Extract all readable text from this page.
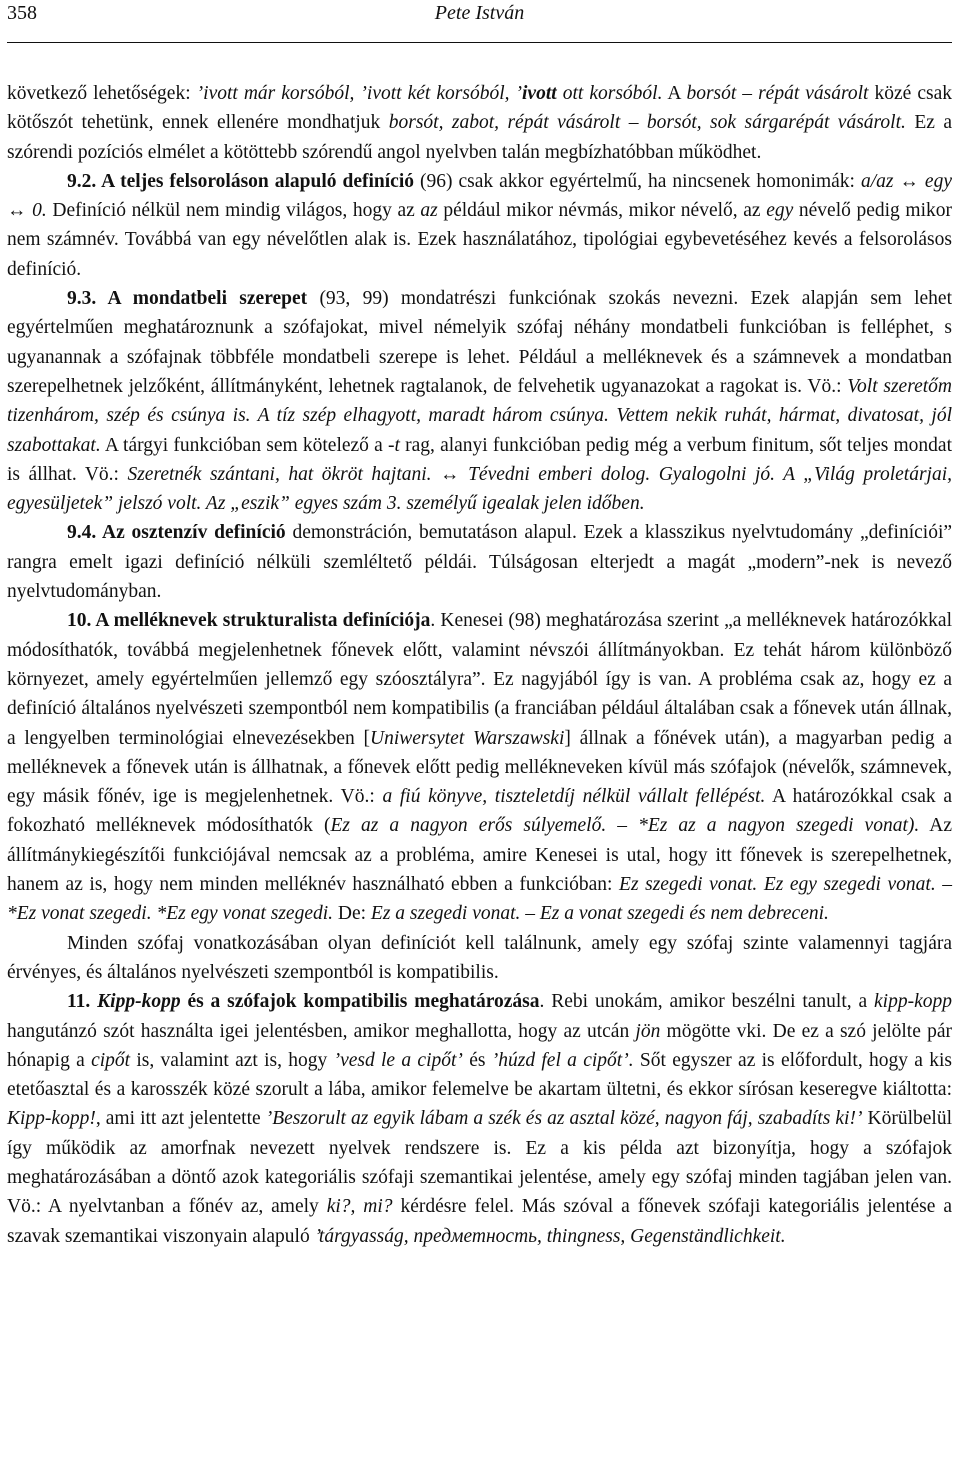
358	Pete István

következő lehetőségek: ’ivott már korsóból, ’ivott két korsóból, ’ivott ott korsóból. A borsót – répát vásárolt közé csak kötőszót tehetünk, ennek ellenére mondhatjuk borsót, zabot, répát vásárolt – borsót, sok sárgarépát vásárolt. Ez a szórendi pozíciós elmélet a kötöttebb szórendű angol nyelvben talán megbízhatóbban működhet.

9.2. A teljes felsoroláson alapuló definíció (96) csak akkor egyértelmű, ha nincsenek homonimák: a/az ↔ egy ↔ 0. Definíció nélkül nem mindig világos, hogy az az például mikor névmás, mikor névelő, az egy névelő pedig mikor nem számnév. Továbbá van egy névelőtlen alak is. Ezek használatához, tipológiai egybevetéséhez kevés a felsorolásos definíció.

9.3. A mondatbeli szerepet (93, 99) mondatrészi funkciónak szokás nevezni. Ezek alapján sem lehet egyértelműen meghatároznunk a szófajokat, mivel némelyik szófaj néhány mondatbeli funkcióban is felléphet, s ugyanannak a szófajnak többféle mondatbeli szerepe is lehet. Például a melléknevek és a számnevek a mondatban szerepelhetnek jelzőként, állítmányként, lehetnek ragtalanok, de felvehetik ugyanazokat a ragokat is. Vö.: Volt szeretőm tizenhárom, szép és csúnya is. A tíz szép elhagyott, maradt három csúnya. Vettem nekik ruhát, hármat, divatosat, jól szabottakat. A tárgyi funkcióban sem kötelező a -t rag, alanyi funkcióban pedig még a verbum finitum, sőt teljes mondat is állhat. Vö.: Szeretnék szántani, hat ökröt hajtani. ↔ Tévedni emberi dolog. Gyalogolni jó. A „Világ proletárjai, egyesüljetek” jelszó volt. Az „eszik” egyes szám 3. személyű igealak jelen időben.

9.4. Az osztenzív definíció demonstráción, bemutatáson alapul. Ezek a klasszikus nyelvtudomány „definíciói” rangra emelt igazi definíció nélküli szemléltető példái. Túlságosan elterjedt a magát „modern”-nek is nevező nyelvtudományban.

10. A melléknevek strukturalista definíciója. Kenesei (98) meghatározása szerint „a melléknevek határozókkal módosíthatók, továbbá megjelenhetnek főnevek előtt, valamint névszói állítmányokban. Ez tehát három különböző környezet, amely egyértelműen jellemző egy szóosztályra”. Ez nagyjából így is van. A probléma csak az, hogy ez a definíció általános nyelvészeti szempontból nem kompatibilis (a franciában például általában csak a főnevek után állnak, a lengyelben terminológiai elnevezésekben [Uniwersytet Warszawski] állnak a főnévek után), a magyarban pedig a melléknevek a főnevek után is állhatnak, a főnevek előtt pedig mellékneveken kívül más szófajok (névelők, számnevek, egy másik főnév, ige is megjelenhetnek. Vö.: a fiú könyve, tiszteletdíj nélkül vállalt fellépést. A határozókkal csak a fokozható melléknevek módosíthatók (Ez az a nagyon erős súlyemelő. – *Ez az a nagyon szegedi vonat). Az állítmánykiegészítői funkciójával nemcsak az a probléma, amire Kenesei is utal, hogy itt főnevek is szerepelhetnek, hanem az is, hogy nem minden melléknév használható ebben a funkcióban: Ez szegedi vonat. Ez egy szegedi vonat. – *Ez vonat szegedi. *Ez egy vonat szegedi. De: Ez a szegedi vonat. – Ez a vonat szegedi és nem debreceni.

Minden szófaj vonatkozásában olyan definíciót kell találnunk, amely egy szófaj szinte valamennyi tagjára érvényes, és általános nyelvészeti szempontból is kompatibilis.

11. Kipp-kopp és a szófajok kompatibilis meghatározása. Rebi unokám, amikor beszélni tanult, a kipp-kopp hangutánzó szót használta igei jelentésben, amikor meghallotta, hogy az utcán jön mögötte vki. De ez a szó jelölte pár hónapig a cipőt is, valamint azt is, hogy ’vesd le a cipőt’ és ’húzd fel a cipőt’. Sőt egyszer az is előfordult, hogy a kis etetőasztal és a karosszék közé szorult a lába, amikor felemelve be akartam ültetni, és ekkor sírósan keseregve kiáltotta: Kipp-kopp!, ami itt azt jelentette ’Beszorult az egyik lábam a szék és az asztal közé, nagyon fáj, szabadíts ki!’ Körülbelül így működik az amorfnak nevezett nyelvek rendszere is. Ez a kis példa azt bizonyítja, hogy a szófajok meghatározásában a döntő azok kategoriális szófaji szemantikai jelentése, amely egy szófaj minden tagjában jelen van. Vö.: A nyelvtanban a főnév az, amely ki?, mi? kérdésre felel. Más szóval a főnevek szófaji kategoriális jelentése a szavak szemantikai viszonyain alapuló ’tárgyasság, предметность, thingness, Gegenständlichkeit.
